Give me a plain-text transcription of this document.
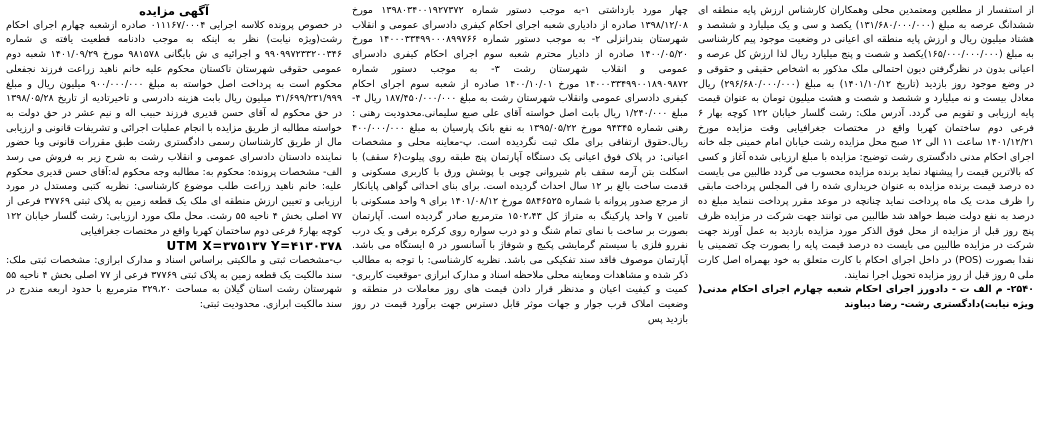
آگهی مزایده

در خصوص پرونده کلاسه اجرایی ۰۱۱۱۶۷/۰۰۰۴ صادره ازشعبه چهارم اجرای احکام رشت(ویژه نیابت) نظر به اینکه به موجب دادنامه قطعیت یافته ی شماره ۹۹۰۹۹۷۲۳۳۲۰۰۳۴۶ و اجرائیه ی ش بایگانی ۹۸۱۵۷۸ مورخ ۱۴۰۱/۰۹/۲۹ شعبه دوم عمومی حقوقی شهرستان تاکستان محکوم علیه خانم ناهید زراعت فرزند نجفعلی محکوم است به پرداخت اصل خواسته به مبلغ ۹۰۰/۰۰۰/۰۰۰ میلیون ریال و مبلغ ۳۱/۶۹۹/۲۳۱/۹۹۹ میلیون ریال بابت هزینه دادرسی و تاخیرتادیه از تاریخ ۱۳۹۸/۰۵/۲۸ در حق محکوم له آقای حسن قدیری فرزند حبیب اله و نیم عشر در حق دولت به خواسته مطالبه از طریق مزایده با انجام عملیات اجرائی و تشریفات قانونی و ارزیابی مال از طریق کارشناسان رسمی دادگستری رشت طبق مقررات قانونی وبا حضور نماینده دادستان دادسرای عمومی و انقلاب رشت به شرح زیر به فروش می رسد الف- مشخصات پرونده: محکوم به: مطالبه وجه محکوم له:آقای حسن قدیری محکوم علیه: خانم ناهید زراعت طلب موضوع کارشناسی: نظریه کتبی ومستدل در مورد ارزیابی و تعیین ارزش منطقه ای ملک یک قطعه زمین به پلاک ثبتی ۳۷۷۶۹ فرعی از ۷۷ اصلی بخش ۴ ناحیه ۵۵ رشت. محل ملک مورد ارزیابی: رشت گلسار خیابان ۱۲۲ کوچه بهار۶ فرعی دوم ساختمان کهربا واقع در مختصات جغرافیایی

UTM X=۳۷۵۱۳۷ Y=۴۱۳۰۳۷۸

ب-مشخصات ثبتی و مالکیتی براساس اسناد و مدارک ابرازی: مشخصات ثبتی ملک: سند مالکیت یک قطعه زمین به پلاک ثبتی ۳۷۷۶۹ فرعی از ۷۷ اصلی بخش ۴ ناحیه ۵۵ شهرستان رشت استان گیلان به مساحت ۳۲۹،۲۰ مترمربع با حدود اربعه مندرج در سند مالکیت ابرازی. محدودیت ثبتی:

چهار مورد بازداشتی ۱-به موجب دستور شماره ۱۳۹۸۰۳۴۰۰۱۹۲۷۳۷۲ مورخ ۱۳۹۸/۱۲/۰۸ صادره از دادیاری شعبه اجرای احکام کیفری دادسرای عمومی و انقلاب شهرستان بندرانزلی ۲- به موجب دستور شماره ۱۴۰۰۰۳۳۴۹۹۰۰۰۸۹۹۷۶۶ مورخ ۱۴۰۰/۰۵/۲۰ صادره از دادیار محترم شعبه سوم اجرای احکام کیفری دادسرای عمومی و انقلاب شهرستان رشت ۳- به موجب دستور شماره ۱۴۰۰۰۳۳۴۹۹۰۰۱۸۹۰۹۸۷۲ مورخ ۱۴۰۰/۱۰/۰۱ صادره از شعبه سوم اجرای احکام کیفری دادسرای عمومی وانقلاب شهرستان رشت به مبلغ ۱۸۷/۴۵۰/۰۰۰/۰۰۰ ریال ۴-مبلغ ۱/۲۴۰/۰۰۰ ریال بابت اصل خواسته آقای علی صیع سلیمانی.محدودیت رهنی : رهنی شماره ۹۴۳۴۵ مورخ ۱۳۹۵/۰۵/۲۲ به نفع بانک پارسیان به مبلغ ۴۰۰/۰۰۰/۰۰۰ ریال.حقوق ارتفاقی برای ملک ثبت نگردیده است. پ-معاینه محلی و مشخصات اعیانی: در پلاک فوق اعیانی یک دستگاه آپارتمان پنج طبقه روی پیلوت(۶ سقف) با اسکلت بتن آرمه سقف بام شیروانی چوبی با پوشش ورق با کاربری مسکونی و قدمت ساخت بالغ بر ۱۲ سال احداث گردیده است. برای بنای احداثی گواهی پایانکار از مرجع صدور پروانه با شماره ۵۸۴۶۵۲۵ مورخ ۱۴۰۱/۰۸/۱۲ برای ۹ واحد مسکونی با تامین ۷ واحد پارکینگ به متراژ کل ۱۵۰۲،۴۳ مترمربع صادر گردیده است. آپارتمان بصورت بر ساخت با نمای تمام شنگ و دو درب سواره روی کرکره برقی و یک درب نفررو فلزی با سیستم گرمایشی پکیج و شوفاژ با آسانسور در ۵ ایستگاه می باشد. آپارتمان موصوف فاقد سند تفکیکی می باشد. نظریه کارشناسی: با توجه به مطالب ذکر شده و مشاهدات ومعاینه محلی ملاحظه اسناد و مدارک ابرازی -موقعیت کاربری-کمیت و کیفیت اعیان و مدنظر قرار دادن قیمت های روز معاملات در منطقه و وضعیت املاک قرب جوار و جهات موثر قابل دسترس جهت برآورد قیمت در روز بازدید پس

از استفسار از مطلعین ومعتمدین محلی وهمکاران کارشناس ارزش پایه منطقه ای ششدانگ عرصه به مبلغ (۱۳۱/۶۸۰/۰۰۰/۰۰۰) یکصد و سی و یک میلیارد و ششصد و هشتاد میلیون ریال و ارزش پایه منطقه ای اعیانی در وضعیت موجود پیم کارشناسی به مبلغ (۱۶۵/۰۰۰/۰۰۰/۰۰۰)یکصد و شصت و پنج میلیارد ریال لذا ارزش کل عرصه و اعیانی بدون در نظرگرفتن دیون احتمالی ملک مذکور به اشخاص حقیقی و حقوقی و در وضع موجود روز بازدید (تاریخ ۱۴۰۱/۱۰/۱۲) به مبلغ (۲۹۶/۶۸۰/۰۰۰/۰۰۰) ریال معادل بیست و نه میلیارد و ششصد و شصت و هشت میلیون تومان به عنوان قیمت پایه ارزیابی و تقویم می گردد. آدرس ملک: رشت گلسار خیابان ۱۲۲ کوچه بهار ۶ فرعی دوم ساختمان کهربا واقع در مختصات جغرافیایی وقت مزایده مورخ ۱۴۰۱/۱۲/۲۱ ساعت ۱۱ الی ۱۲ صبح محل مزایده رشت خیابان امام خمینی جله خانه اجرای احکام مدنی دادگستری رشت توضیح: مزایده با مبلغ ارزیابی شده آغاز و کسی که بالاترین قیمت را پیشنهاد نماید برنده مزایده محسوب می گردد طالبین می بایست ده درصد قیمت برنده مزایده به عنوان خریداری شده را فی المجلس پرداخت مابقی را ظرف مدت یک ماه پرداخت نماید چنانچه در موعد مقرر پرداخت ننماید مبلغ ده درصد به نفع دولت ضبط خواهد شد طالبین می توانند جهت شرکت در مزایده ظرف پنج روز قبل از مزایده از محل فوق الذکر مورد مزایده بازدید به عمل آورند جهت شرکت در مزایده طالبین می بایست ده درصد قیمت پایه را بصورت چک تضمینی یا نقدا بصورت (POS) در داخل اجرای احکام با کارت متعلق به خود بهمراه اصل کارت ملی ۵ روز قبل از روز مزایده تحویل اجرا نمایند.

۲۵۴۰- م الف ت - دادورز اجرای احکام شعبه چهارم اجرای احکام مدنی( ویژه نیابت)دادگستری رشت- رضا دیباوند
